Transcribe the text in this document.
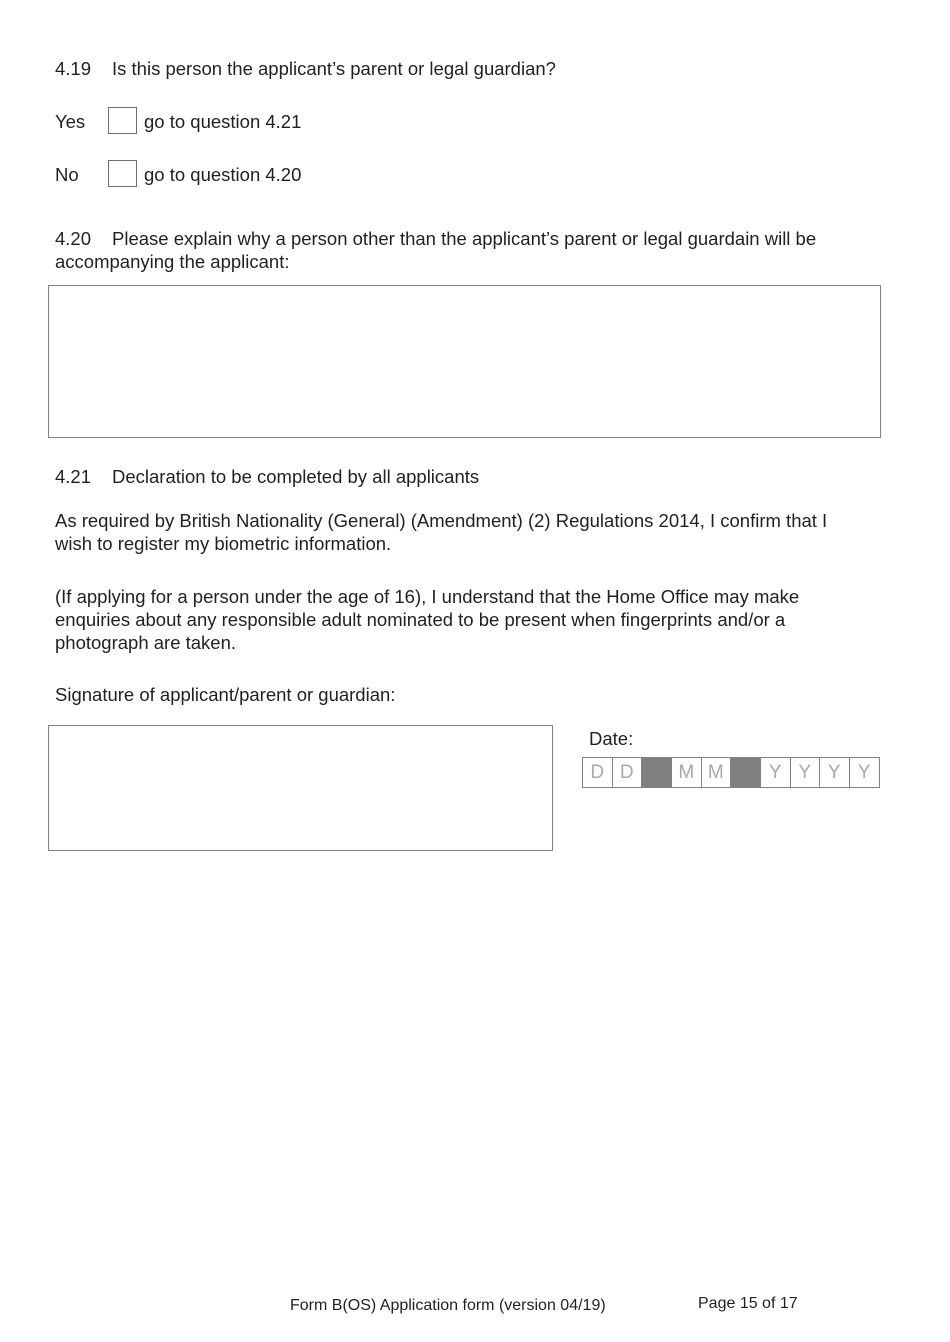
4.19 Is this person the applicant’s parent or legal guardian?
Yes	go to question 4.21
No	go to question 4.20
4.20 Please explain why a person other than the applicant’s parent or legal guardain will be
accompanying the applicant:
4.21 Declaration to be completed by all applicants
As required by British Nationality (General) (Amendment) (2) Regulations 2014, I confirm that I
wish to register my biometric information.
(If applying for a person under the age of 16), I understand that the Home Office may make
enquiries about any responsible adult nominated to be present when fingerprints and/or a
photograph are taken.
Signature of applicant/parent or guardian:
Date:
D D	M M	Y Y Y Y
Form B(OS) Application form (version 04/19)	Page 15 of 17
